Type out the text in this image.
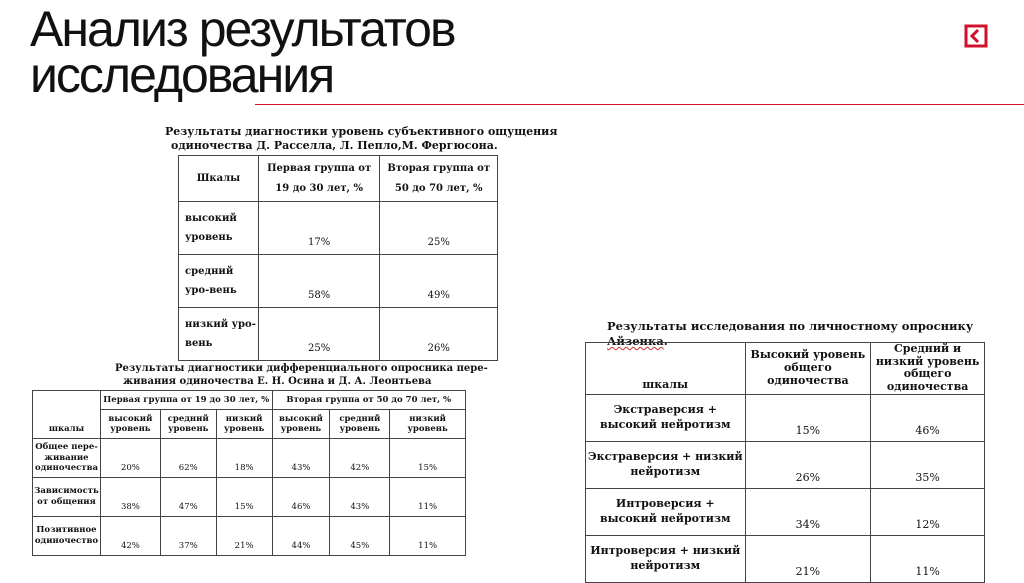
Анализ результатов
исследования
Результаты диагностики уровень субъективного ощущения
одиночества Д. Расселла, Л. Пепло,М. Фергюсона.
Шкалы	Первая группа от 19 до 30 лет, %	Вторая группа от 50 до 70 лет, %
высокий уровень	17%	25%
средний уро-вень	58%	49%
низкий уро-вень	25%	26%
Результаты диагностики дифференциального опросника пере-
живания одиночества Е. Н. Осина и Д. А. Леонтьева
шкалы	Первая группа от 19 до 30 лет, %			Вторая группа от 50 до 70 лет, %		
	высокий уровень	средний уровень	низкий уровень	высокий уровень	средний уровень	низкий уровень
Общее пере-живание одиночества	20%	62%	18%	43%	42%	15%
Зависимость от общения	38%	47%	15%	46%	43%	11%
Позитивное одиночество	42%	37%	21%	44%	45%	11%
Результаты исследования по личностному опроснику Айзенка.
шкалы	Высокий уровень общего одиночества	Средний и низкий уровень общего одиночества
Экстраверсия + высокий нейротизм	15%	46%
Экстраверсия + низкий нейротизм	26%	35%
Интроверсия + высокий нейротизм	34%	12%
Интроверсия + низкий нейротизм	21%	11%
